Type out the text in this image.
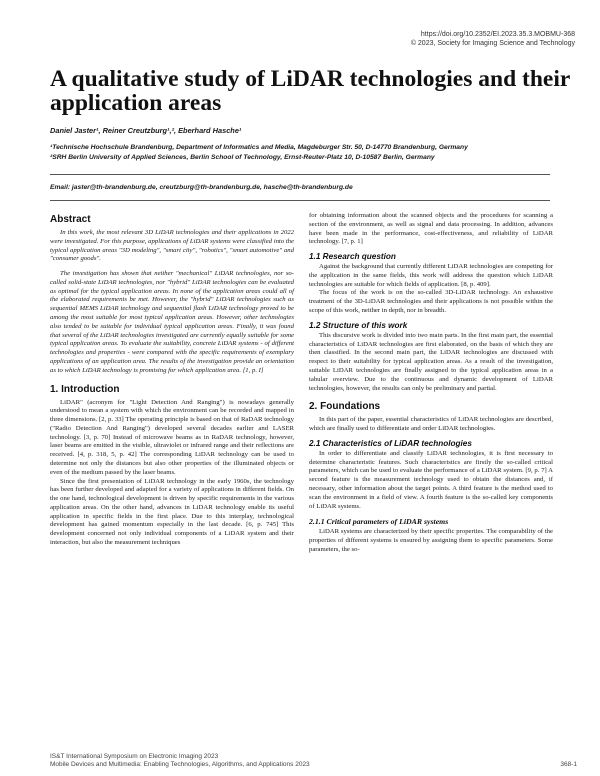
https://doi.org/10.2352/EI.2023.35.3.MOBMU-368
© 2023, Society for Imaging Science and Technology
A qualitative study of LiDAR technologies and their application areas
Daniel Jaster¹, Reiner Creutzburg¹,², Eberhard Hasche¹
¹Technische Hochschule Brandenburg, Department of Informatics and Media, Magdeburger Str. 50, D-14770 Brandenburg, Germany
²SRH Berlin University of Applied Sciences, Berlin School of Technology, Ernst-Reuter-Platz 10, D-10587 Berlin, Germany
Email: jaster@th-brandenburg.de, creutzburg@th-brandenburg.de, hasche@th-brandenburg.de
Abstract

In this work, the most relevant 3D LiDAR technologies and their applications in 2022 were investigated. For this purpose, applications of LiDAR systems were classified into the typical application areas "3D modeling", "smart city", "robotics", "smart automotive" and "consumer goods".

The investigation has shown that neither "mechanical" LiDAR technologies, nor so-called solid-state LiDAR technologies, nor "hybrid" LiDAR technologies can be evaluated as optimal for the typical application areas. In none of the application areas could all of the elaborated requirements be met. However, the "hybrid" LiDAR technologies such as sequential MEMS LiDAR technology and sequential flash LiDAR technology proved to be among the most suitable for most typical application areas. However, other technologies also tended to be suitable for individual typical application areas. Finally, it was found that several of the LiDAR technologies investigated are currently equally suitable for some typical application areas. To evaluate the suitability, concrete LiDAR systems - of different technologies and properties - were compared with the specific requirements of exemplary applications of an application area. The results of the investigation provide an orientation as to which LiDAR technology is promising for which application area. [1, p. I]

1. Introduction

LiDAR" (acronym for "Light Detection And Ranging") is nowadays generally understood to mean a system with which the environment can be recorded and mapped in three dimensions. [2, p. 33] The operating principle is based on that of RaDAR technology ("Radio Detection And Ranging") developed several decades earlier and LASER technology. [3, p. 70] Instead of microwave beams as in RaDAR technology, however, laser beams are emitted in the visible, ultraviolet or infrared range and their reflections are received. [4, p. 318, 5, p. 42] The corresponding LiDAR technology can be used to determine not only the distances but also other properties of the illuminated objects or even of the medium passed by the laser beams.

Since the first presentation of LiDAR technology in the early 1960s, the technology has been further developed and adapted for a variety of applications in different fields. On the one hand, technological development is driven by specific requirements in the various application areas. On the other hand, advances in LiDAR technology enable its useful application in specific fields in the first place. Due to this interplay, technological development has gained momentum especially in the last decade. [6, p. 745] This development concerned not only individual components of a LiDAR system and their interaction, but also the measurement techniques

for obtaining information about the scanned objects and the procedures for scanning a section of the environment, as well as signal and data processing. In addition, advances have been made in the performance, cost-effectiveness, and reliability of LiDAR technology. [7, p. 1]

1.1 Research question

Against the background that currently different LiDAR technologies are competing for the application in the same fields, this work will address the question which LiDAR technologies are suitable for which fields of application. [8, p. 409].

The focus of the work is on the so-called 3D-LiDAR technology. An exhaustive treatment of the 3D-LiDAR technologies and their applications is not possible within the scope of this work, neither in depth, nor in breadth.

1.2 Structure of this work

This discursive work is divided into two main parts. In the first main part, the essential characteristics of LiDAR technologies are first elaborated, on the basis of which they are then classified. In the second main part, the LiDAR technologies are discussed with respect to their suitability for typical application areas. As a result of the investigation, suitable LiDAR technologies are finally assigned to the typical application areas in a tabular overview. Due to the continuous and dynamic development of LiDAR technologies, however, the results can only be preliminary and partial.

2. Foundations

In this part of the paper, essential characteristics of LiDAR technologies are described, which are finally used to differentiate and order LiDAR technologies.

2.1 Characteristics of LiDAR technologies

In order to differentiate and classify LiDAR technologies, it is first necessary to determine characteristic features. Such characteristics are firstly the so-called critical parameters, which can be used to evaluate the performance of a LiDAR system. [9, p. 7] A second feature is the measurement technology used to obtain the distances and, if necessary, other information about the target points. A third feature is the method used to scan the environment in a field of view. A fourth feature is the so-called key components of LiDAR systems.

2.1.1 Critical parameters of LiDAR systems

LiDAR systems are characterized by their specific properties. The comparability of the properties of different systems is ensured by assigning them to specific parameters. Some parameters, the so-

IS&T International Symposium on Electronic Imaging 2023
Mobile Devices and Multimedia: Enabling Technologies, Algorithms, and Applications 2023	368-1
